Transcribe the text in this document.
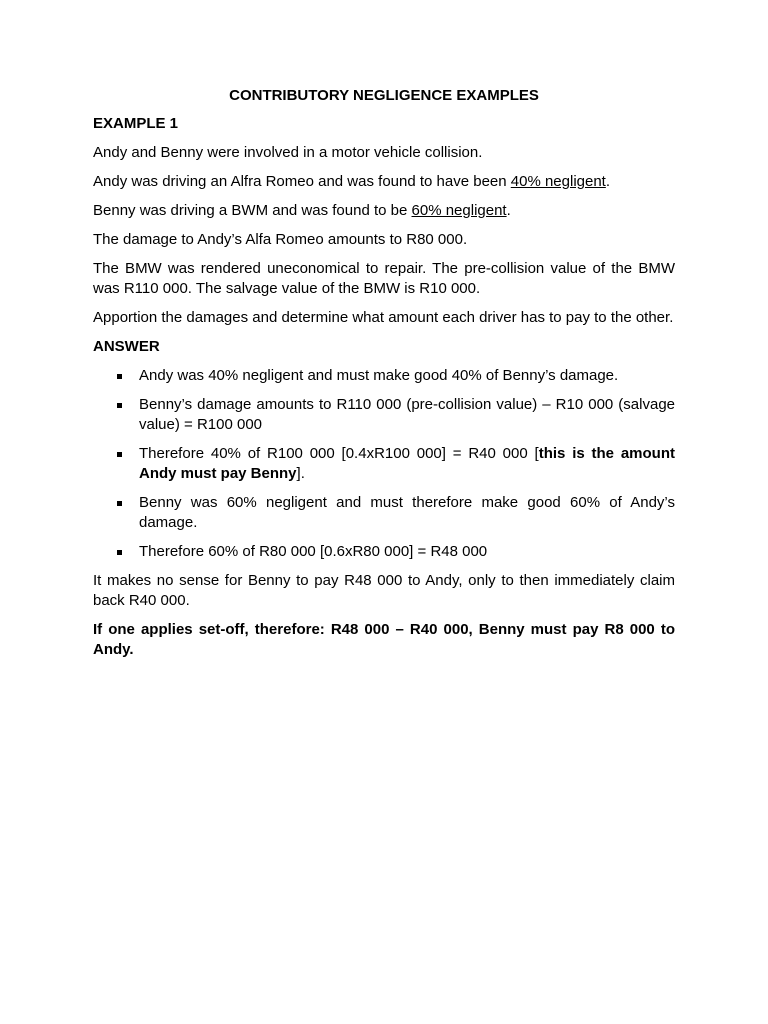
CONTRIBUTORY NEGLIGENCE EXAMPLES
EXAMPLE 1

Andy and Benny were involved in a motor vehicle collision.

Andy was driving an Alfra Romeo and was found to have been 40% negligent.

Benny was driving a BWM and was found to be 60% negligent.

The damage to Andy’s Alfa Romeo amounts to R80 000.

The BMW was rendered uneconomical to repair. The pre-collision value of the BMW was R110 000. The salvage value of the BMW is R10 000.

Apportion the damages and determine what amount each driver has to pay to the other.

ANSWER
Andy was 40% negligent and must make good 40% of Benny’s damage.
Benny’s damage amounts to R110 000 (pre-collision value) – R10 000 (salvage value) = R100 000
Therefore 40% of R100 000 [0.4xR100 000] = R40 000 [this is the amount Andy must pay Benny].
Benny was 60% negligent and must therefore make good 60% of Andy’s damage.
Therefore 60% of R80 000 [0.6xR80 000] = R48 000

It makes no sense for Benny to pay R48 000 to Andy, only to then immediately claim back R40 000.

If one applies set-off, therefore: R48 000 – R40 000, Benny must pay R8 000 to Andy.
